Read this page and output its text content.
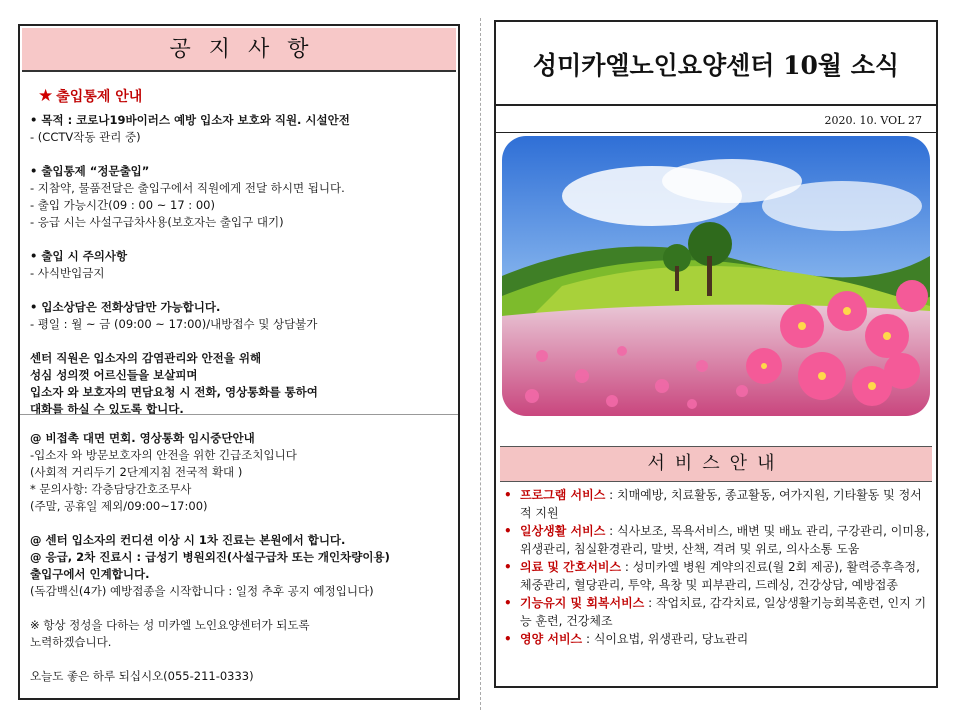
공지사항
★ 출입통제 안내
• 목적 : 코로나19바이러스 예방 입소자 보호와 직원. 시설안전
- (CCTV작동 관리 중)
• 출입통제 “정문출입”
- 지참약, 물품전달은 출입구에서 직원에게 전달 하시면 됩니다.
- 출입 가능시간(09 : 00 ~ 17 : 00)
- 응급 시는 사설구급차사용(보호자는 출입구 대기)
• 출입 시 주의사항
- 사식반입금지
• 입소상담은 전화상담만 가능합니다.
- 평일 : 월 ~ 금 (09:00 ~ 17:00)/내방접수 및 상담불가
센터 직원은 입소자의 감염관리와 안전을 위해
성심 성의껏 어르신들을 보살피며
입소자 와 보호자의 면담요청 시 전화, 영상통화를 통하여
대화를 하실 수 있도록 합니다.
@ 비접촉 대면 면회. 영상통화 임시중단안내
-입소자 와 방문보호자의 안전을 위한 긴급조치입니다
(사회적 거리두기 2단계지침 전국적 확대 )
* 문의사항: 각층담당간호조무사
(주말, 공휴일 제외/09:00~17:00)
@ 센터 입소자의 컨디션 이상 시 1차 진료는 본원에서 합니다.
@ 응급, 2차 진료시 : 급성기 병원외진(사설구급차 또는 개인차량이용)
출입구에서 인계합니다.
(독감백신(4가) 예방접종을 시작합니다 : 일정 추후 공지 예정입니다)
※ 항상 정성을 다하는 성 미카엘 노인요양센터가 되도록
노력하겠습니다.
오늘도 좋은 하루 되십시오(055-211-0333)
성미카엘노인요양센터 10월 소식
2020. 10. VOL 27
서비스안내
• 프로그램 서비스 : 치매예방, 치료활동, 종교활동, 여가지원, 기타활동 및 정서적 지원
• 일상생활 서비스 : 식사보조, 목욕서비스, 배변 및 배뇨 관리, 구강관리, 이미용, 위생관리, 침실환경관리, 말벗, 산책, 격려 및 위로, 의사소통 도움
• 의료 및 간호서비스 : 성미카엘 병원 계약의진료(월 2회 제공), 활력증후측정, 체중관리, 혈당관리, 투약, 욕창 및 피부관리, 드레싱, 건강상담, 예방접종
• 기능유지 및 회복서비스 : 작업치료, 감각치료, 일상생활기능회복훈련, 인지 기능 훈련, 건강체조
• 영양 서비스 : 식이요법, 위생관리, 당뇨관리
